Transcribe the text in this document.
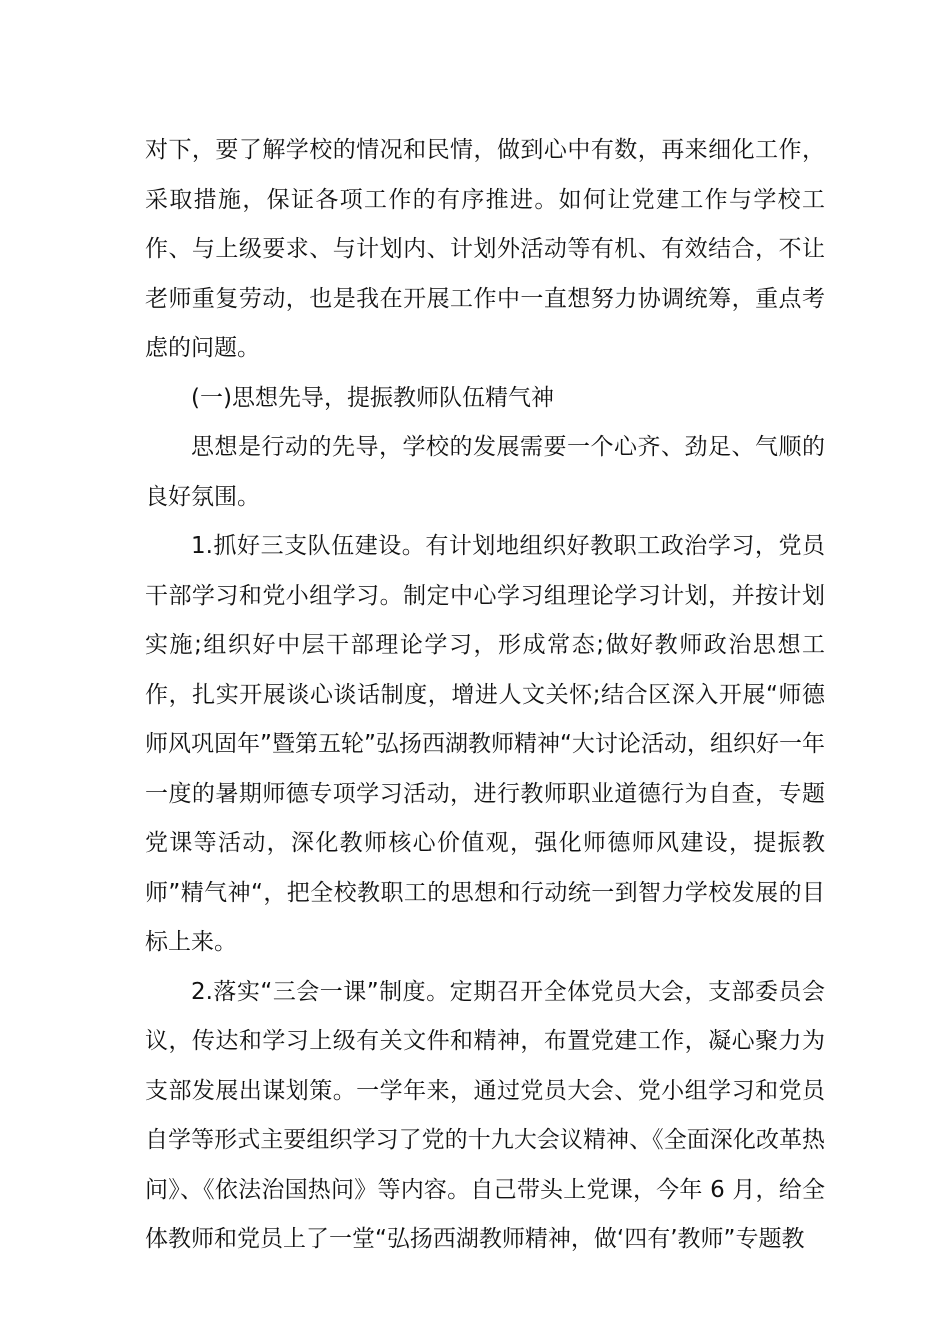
对下，要了解学校的情况和民情，做到心中有数，再来细化工作，采取措施，保证各项工作的有序推进。如何让党建工作与学校工作、与上级要求、与计划内、计划外活动等有机、有效结合，不让老师重复劳动，也是我在开展工作中一直想努力协调统筹，重点考虑的问题。

(一)思想先导，提振教师队伍精气神

思想是行动的先导，学校的发展需要一个心齐、劲足、气顺的良好氛围。

1.抓好三支队伍建设。有计划地组织好教职工政治学习，党员干部学习和党小组学习。制定中心学习组理论学习计划，并按计划实施;组织好中层干部理论学习，形成常态;做好教师政治思想工作，扎实开展谈心谈话制度，增进人文关怀;结合区深入开展“师德师风巩固年”暨第五轮”弘扬西湖教师精神“大讨论活动，组织好一年一度的暑期师德专项学习活动，进行教师职业道德行为自查，专题党课等活动，深化教师核心价值观，强化师德师风建设，提振教师”精气神“，把全校教职工的思想和行动统一到智力学校发展的目标上来。

2.落实“三会一课”制度。定期召开全体党员大会，支部委员会议，传达和学习上级有关文件和精神，布置党建工作，凝心聚力为支部发展出谋划策。一学年来，通过党员大会、党小组学习和党员自学等形式主要组织学习了党的十九大会议精神、《全面深化改革热问》、《依法治国热问》等内容。自己带头上党课，今年 6 月，给全体教师和党员上了一堂“弘扬西湖教师精神，做‘四有’教师”专题教
